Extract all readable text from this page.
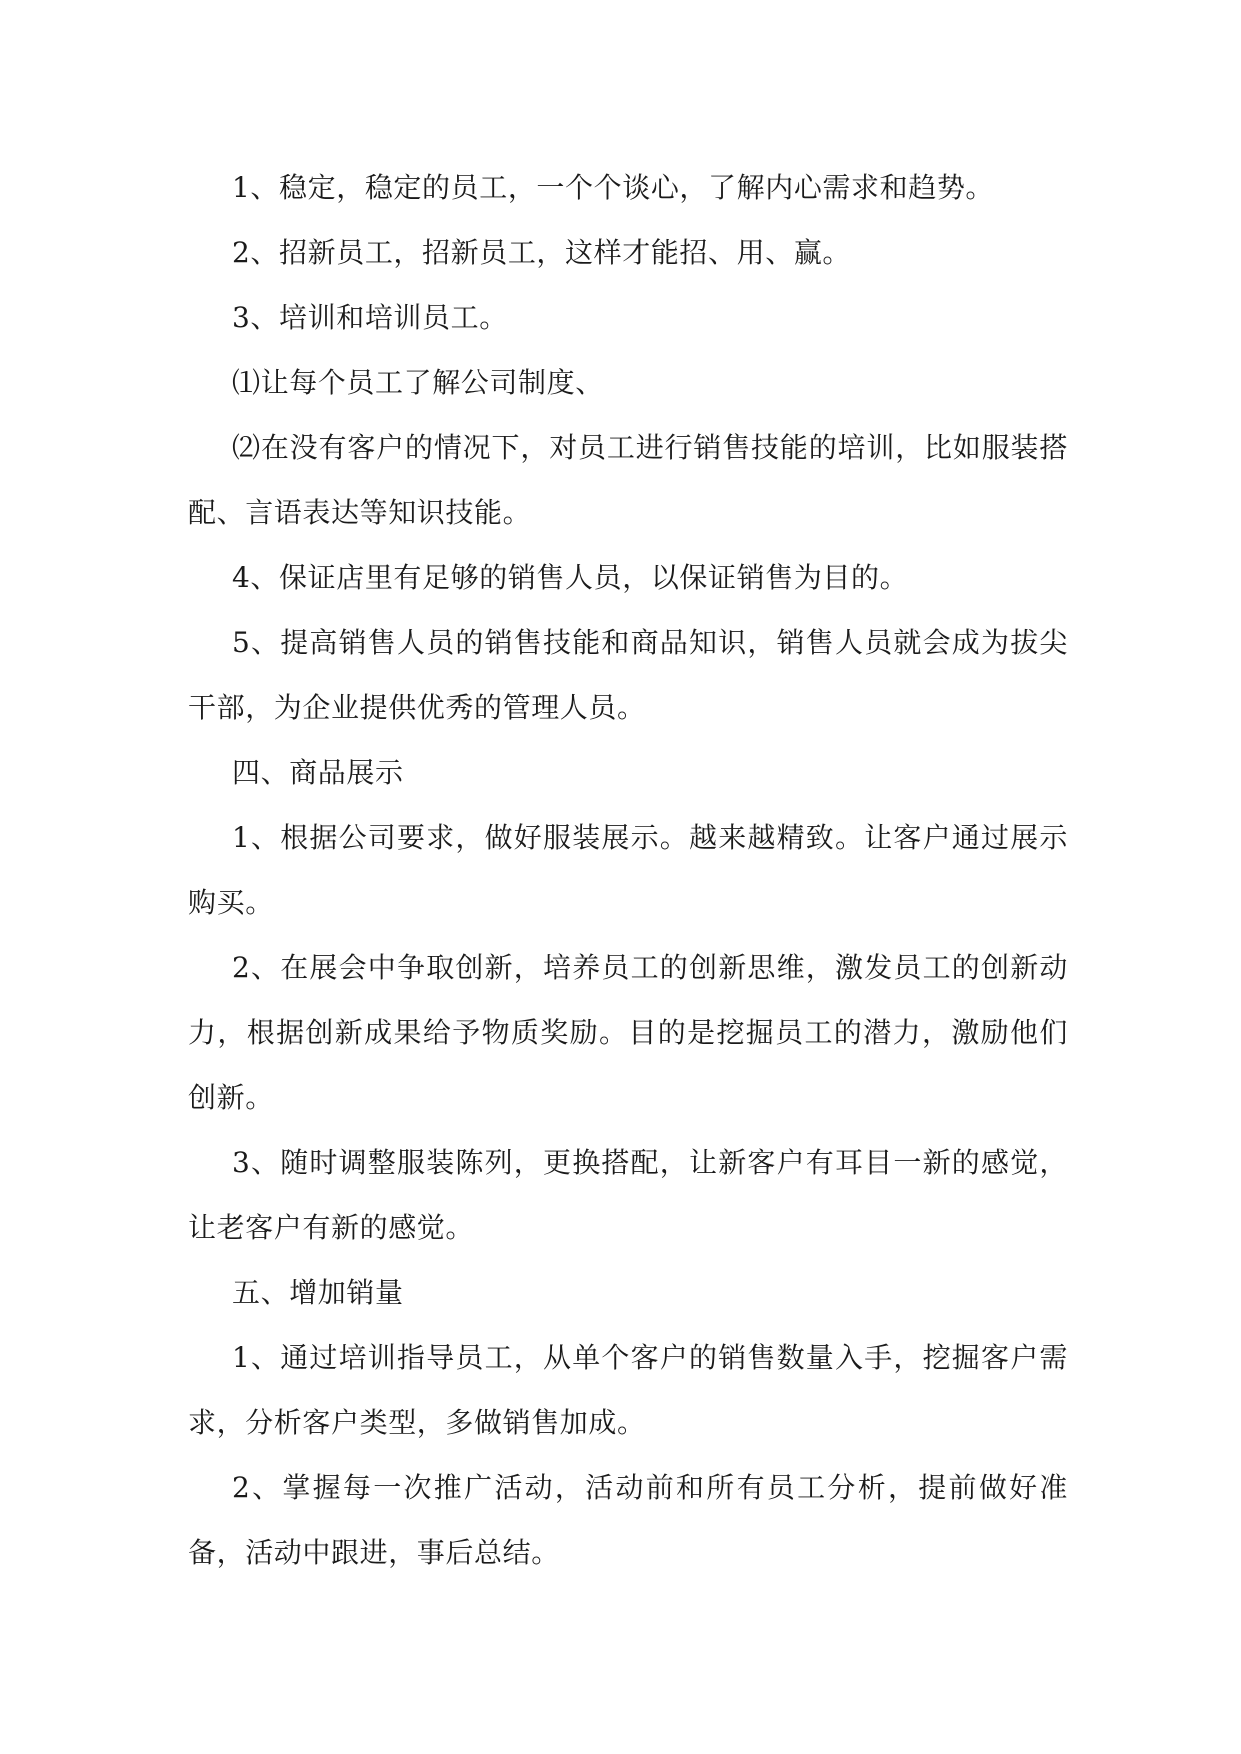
1、稳定，稳定的员工，一个个谈心，了解内心需求和趋势。

2、招新员工，招新员工，这样才能招、用、赢。

3、培训和培训员工。

⑴让每个员工了解公司制度、

⑵在没有客户的情况下，对员工进行销售技能的培训，比如服装搭配、言语表达等知识技能。

4、保证店里有足够的销售人员，以保证销售为目的。

5、提高销售人员的销售技能和商品知识，销售人员就会成为拔尖干部，为企业提供优秀的管理人员。

四、商品展示

1、根据公司要求，做好服装展示。越来越精致。让客户通过展示购买。

2、在展会中争取创新，培养员工的创新思维，激发员工的创新动力，根据创新成果给予物质奖励。目的是挖掘员工的潜力，激励他们创新。

3、随时调整服装陈列，更换搭配，让新客户有耳目一新的感觉，让老客户有新的感觉。

五、增加销量

1、通过培训指导员工，从单个客户的销售数量入手，挖掘客户需求，分析客户类型，多做销售加成。

2、掌握每一次推广活动，活动前和所有员工分析，提前做好准备，活动中跟进，事后总结。
